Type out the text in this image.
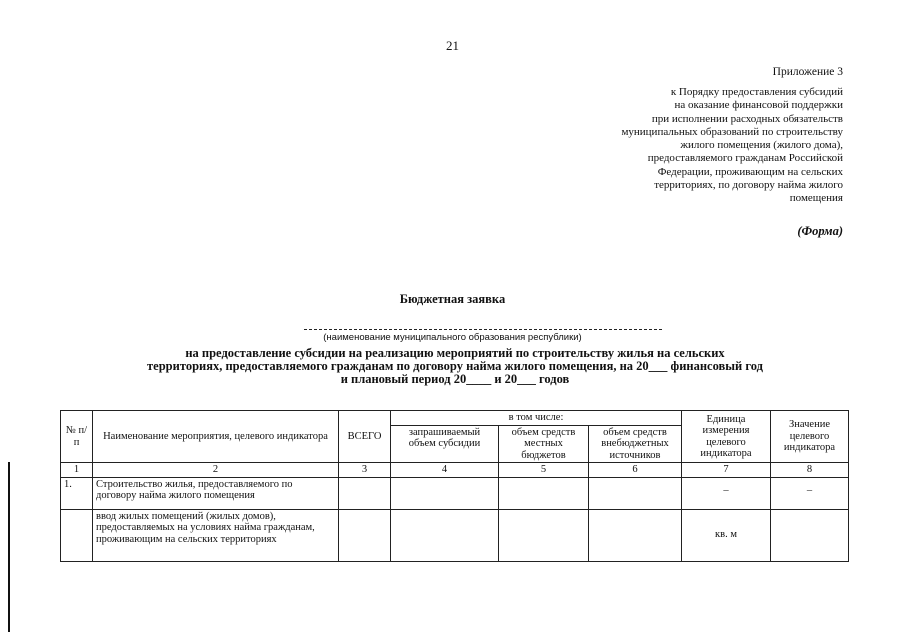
21
Приложение 3
к Порядку предоставления субсидий
на оказание финансовой поддержки
при исполнении расходных обязательств
муниципальных образований по строительству
жилого помещения (жилого дома),
предоставляемого гражданам Российской
Федерации, проживающим на сельских
территориях, по договору найма жилого
помещения
(Форма)
Бюджетная заявка
(наименование муниципального образования республики)
на предоставление субсидии на реализацию мероприятий по строительству жилья на сельских
территориях, предоставляемого гражданам по договору найма жилого помещения, на 20___ финансовый год
и плановый период 20____ и 20___ годов
№ п/п	Наименование мероприятия, целевого индикатора	ВСЕГО	в том числе:			Единица измерения целевого индикатора	Значение целевого индикатора
			запрашиваемый объем субсидии	объем средств местных бюджетов	объем средств внебюджетных источников		
1	2	3	4	5	6	7	8
1.	Строительство жилья, предоставляемого по договору найма жилого помещения					–	–
	ввод жилых помещений (жилых домов), предоставляемых на условиях найма гражданам, проживающим на сельских территориях					кв. м	
